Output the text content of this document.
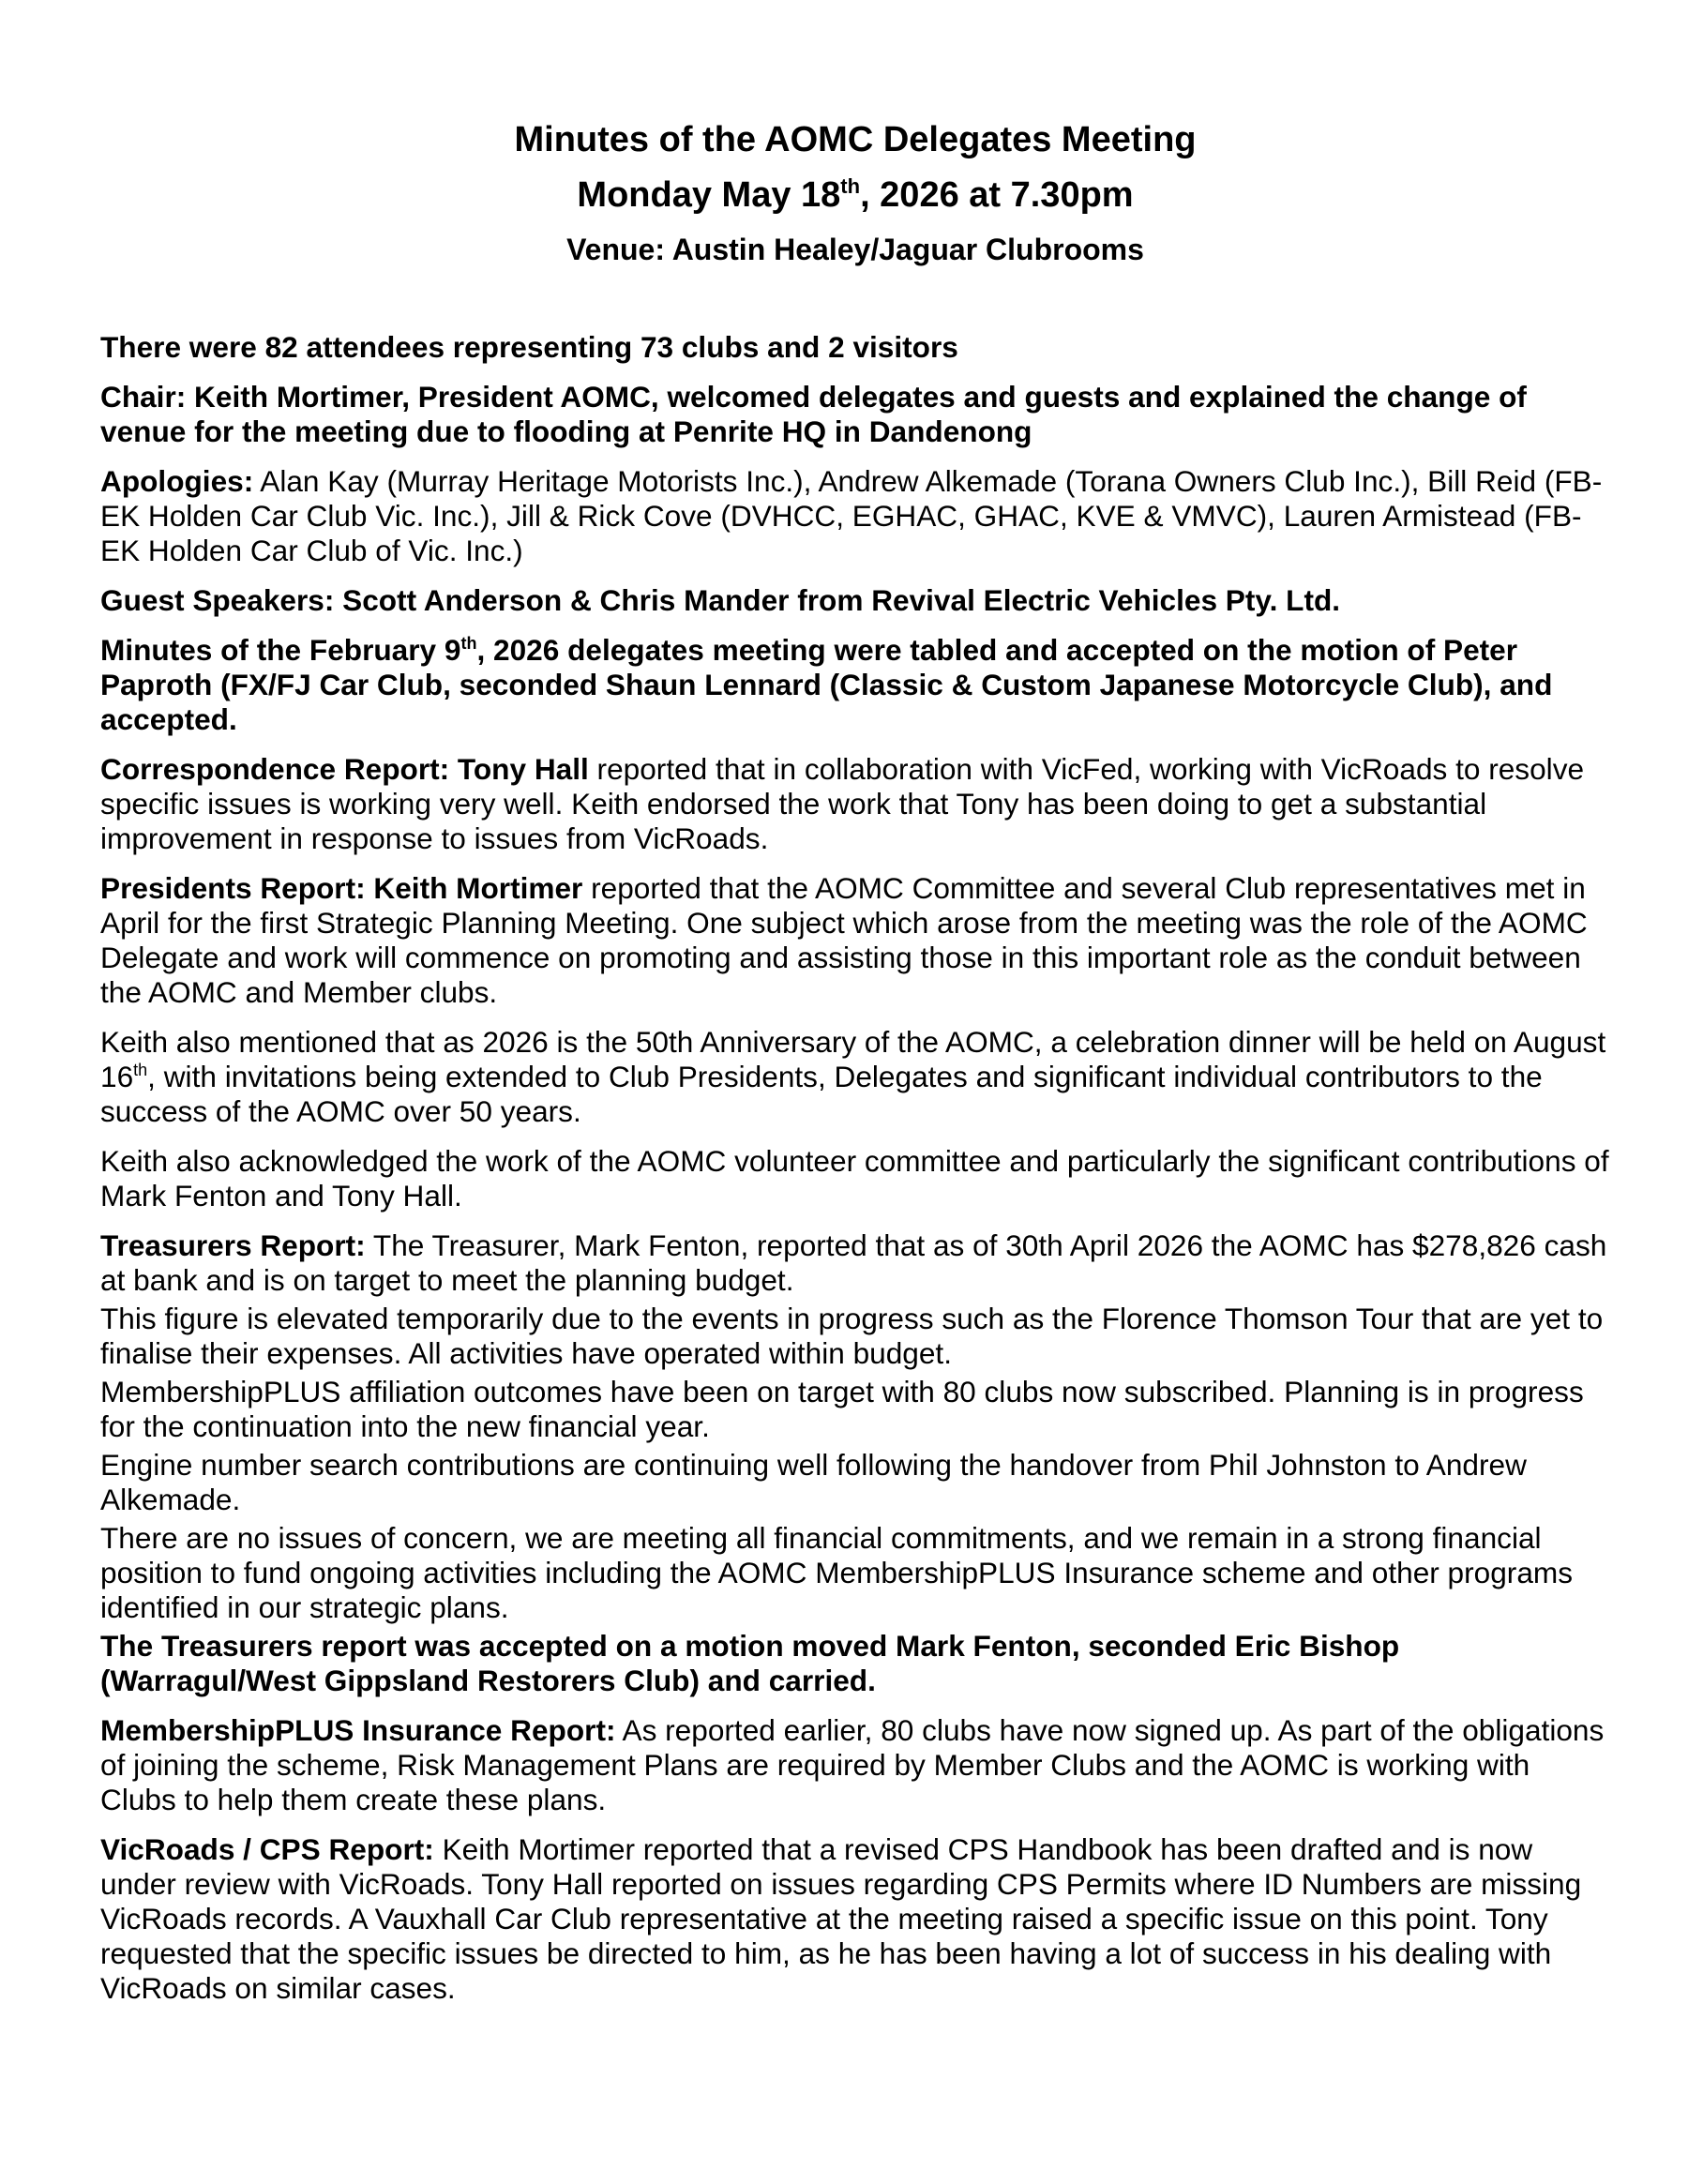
Minutes of the AOMC Delegates Meeting
Monday May 18th, 2026 at 7.30pm
Venue: Austin Healey/Jaguar Clubrooms

There were 82 attendees representing 73 clubs and 2 visitors

Chair: Keith Mortimer, President AOMC, welcomed delegates and guests and explained the change of venue for the meeting due to flooding at Penrite HQ in Dandenong

Apologies: Alan Kay (Murray Heritage Motorists Inc.), Andrew Alkemade (Torana Owners Club Inc.), Bill Reid (FB-EK Holden Car Club Vic. Inc.), Jill & Rick Cove (DVHCC, EGHAC, GHAC, KVE & VMVC), Lauren Armistead (FB-EK Holden Car Club of Vic. Inc.)

Guest Speakers: Scott Anderson & Chris Mander from Revival Electric Vehicles Pty. Ltd.

Minutes of the February 9th, 2026 delegates meeting were tabled and accepted on the motion of Peter Paproth (FX/FJ Car Club, seconded Shaun Lennard (Classic & Custom Japanese Motorcycle Club), and accepted.

Correspondence Report: Tony Hall reported that in collaboration with VicFed, working with VicRoads to resolve specific issues is working very well. Keith endorsed the work that Tony has been doing to get a substantial improvement in response to issues from VicRoads.

Presidents Report: Keith Mortimer reported that the AOMC Committee and several Club representatives met in April for the first Strategic Planning Meeting. One subject which arose from the meeting was the role of the AOMC Delegate and work will commence on promoting and assisting those in this important role as the conduit between the AOMC and Member clubs.

Keith also mentioned that as 2026 is the 50th Anniversary of the AOMC, a celebration dinner will be held on August 16th, with invitations being extended to Club Presidents, Delegates and significant individual contributors to the success of the AOMC over 50 years.

Keith also acknowledged the work of the AOMC volunteer committee and particularly the significant contributions of Mark Fenton and Tony Hall.

Treasurers Report: The Treasurer, Mark Fenton, reported that as of 30th April 2026 the AOMC has $278,826 cash at bank and is on target to meet the planning budget.

This figure is elevated temporarily due to the events in progress such as the Florence Thomson Tour that are yet to finalise their expenses. All activities have operated within budget.

MembershipPLUS affiliation outcomes have been on target with 80 clubs now subscribed. Planning is in progress for the continuation into the new financial year.

Engine number search contributions are continuing well following the handover from Phil Johnston to Andrew Alkemade.

There are no issues of concern, we are meeting all financial commitments, and we remain in a strong financial position to fund ongoing activities including the AOMC MembershipPLUS Insurance scheme and other programs identified in our strategic plans.

The Treasurers report was accepted on a motion moved Mark Fenton, seconded Eric Bishop (Warragul/West Gippsland Restorers Club) and carried.

MembershipPLUS Insurance Report: As reported earlier, 80 clubs have now signed up. As part of the obligations of joining the scheme, Risk Management Plans are required by Member Clubs and the AOMC is working with Clubs to help them create these plans.

VicRoads / CPS Report: Keith Mortimer reported that a revised CPS Handbook has been drafted and is now under review with VicRoads. Tony Hall reported on issues regarding CPS Permits where ID Numbers are missing VicRoads records. A Vauxhall Car Club representative at the meeting raised a specific issue on this point. Tony requested that the specific issues be directed to him, as he has been having a lot of success in his dealing with VicRoads on similar cases.
